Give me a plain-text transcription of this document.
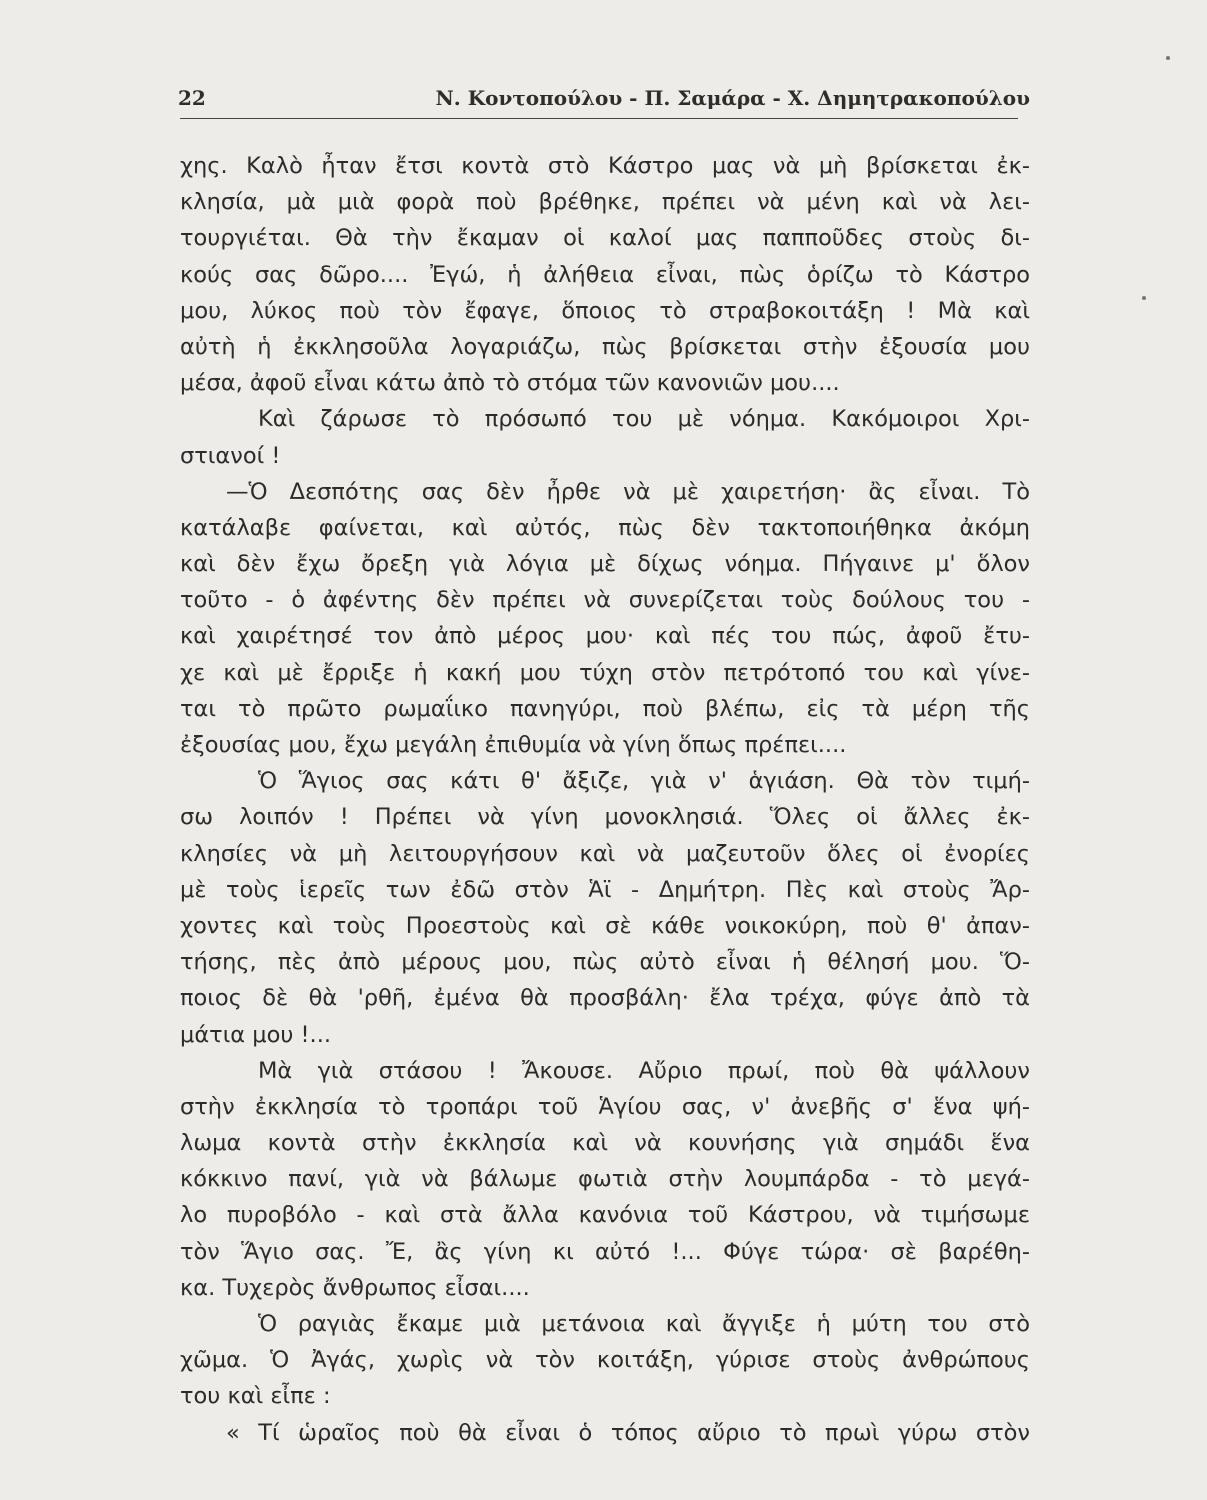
22	Ν. Κοντοπούλου - Π. Σαμάρα - Χ. Δημητρακοπούλου
χης. Καλὸ ἦταν ἔτσι κοντὰ στὸ Κάστρο μας νὰ μὴ βρίσκεται ἐκ-
κλησία, μὰ μιὰ φορὰ ποὺ βρέθηκε, πρέπει νὰ μένη καὶ νὰ λει-
τουργιέται. Θὰ τὴν ἔκαμαν οἱ καλοί μας παπποῦδες στοὺς δι-
κούς σας δῶρο.... Ἐγώ, ἡ ἀλήθεια εἶναι, πὼς ὁρίζω τὸ Κάστρο
μου, λύκος ποὺ τὸν ἔφαγε, ὅποιος τὸ στραβοκοιτάξη ! Μὰ καὶ
αὐτὴ ἡ ἐκκλησοῦλα λογαριάζω, πὼς βρίσκεται στὴν ἐξουσία μου
μέσα, ἀφοῦ εἶναι κάτω ἀπὸ τὸ στόμα τῶν κανονιῶν μου....
Καὶ ζάρωσε τὸ πρόσωπό του μὲ νόημα. Κακόμοιροι Χρι-
στιανοί !
—Ὁ Δεσπότης σας δὲν ἦρθε νὰ μὲ χαιρετήση· ἂς εἶναι. Τὸ
κατάλαβε φαίνεται, καὶ αὐτός, πὼς δὲν τακτοποιήθηκα ἀκόμη
καὶ δὲν ἔχω ὄρεξη γιὰ λόγια μὲ δίχως νόημα. Πήγαινε μ' ὅλον
τοῦτο - ὁ ἀφέντης δὲν πρέπει νὰ συνερίζεται τοὺς δούλους του -
καὶ χαιρέτησέ τον ἀπὸ μέρος μου· καὶ πές του πώς, ἀφοῦ ἔτυ-
χε καὶ μὲ ἔρριξε ἡ κακή μου τύχη στὸν πετρότοπό του καὶ γίνε-
ται τὸ πρῶτο ρωμαΐικο πανηγύρι, ποὺ βλέπω, εἰς τὰ μέρη τῆς
ἐξουσίας μου, ἔχω μεγάλη ἐπιθυμία νὰ γίνη ὅπως πρέπει....
Ὁ Ἅγιος σας κάτι θ' ἄξιζε, γιὰ ν' ἁγιάση. Θὰ τὸν τιμή-
σω λοιπόν ! Πρέπει νὰ γίνη μονοκλησιά. Ὅλες οἱ ἄλλες ἐκ-
κλησίες νὰ μὴ λειτουργήσουν καὶ νὰ μαζευτοῦν ὅλες οἱ ἐνορίες
μὲ τοὺς ἱερεῖς των ἐδῶ στὸν Ἁϊ - Δημήτρη. Πὲς καὶ στοὺς Ἄρ-
χοντες καὶ τοὺς Προεστοὺς καὶ σὲ κάθε νοικοκύρη, ποὺ θ' ἀπαν-
τήσης, πὲς ἀπὸ μέρους μου, πὼς αὐτὸ εἶναι ἡ θέλησή μου. Ὅ-
ποιος δὲ θὰ 'ρθῆ, ἐμένα θὰ προσβάλη· ἔλα τρέχα, φύγε ἀπὸ τὰ
μάτια μου !...
Μὰ γιὰ στάσου ! Ἄκουσε. Αὔριο πρωί, ποὺ θὰ ψάλλουν
στὴν ἐκκλησία τὸ τροπάρι τοῦ Ἁγίου σας, ν' ἀνεβῆς σ' ἕνα ψή-
λωμα κοντὰ στὴν ἐκκλησία καὶ νὰ κουνήσης γιὰ σημάδι ἕνα
κόκκινο πανί, γιὰ νὰ βάλωμε φωτιὰ στὴν λουμπάρδα - τὸ μεγά-
λο πυροβόλο - καὶ στὰ ἄλλα κανόνια τοῦ Κάστρου, νὰ τιμήσωμε
τὸν Ἅγιο σας. Ἔ, ἂς γίνη κι αὐτό !... Φύγε τώρα· σὲ βαρέθη-
κα. Τυχερὸς ἄνθρωπος εἶσαι....
Ὁ ραγιὰς ἔκαμε μιὰ μετάνοια καὶ ἄγγιξε ἡ μύτη του στὸ
χῶμα. Ὁ Ἀγάς, χωρὶς νὰ τὸν κοιτάξη, γύρισε στοὺς ἀνθρώπους
του καὶ εἶπε :
« Τί ὡραῖος ποὺ θὰ εἶναι ὁ τόπος αὔριο τὸ πρωὶ γύρω στὸν
